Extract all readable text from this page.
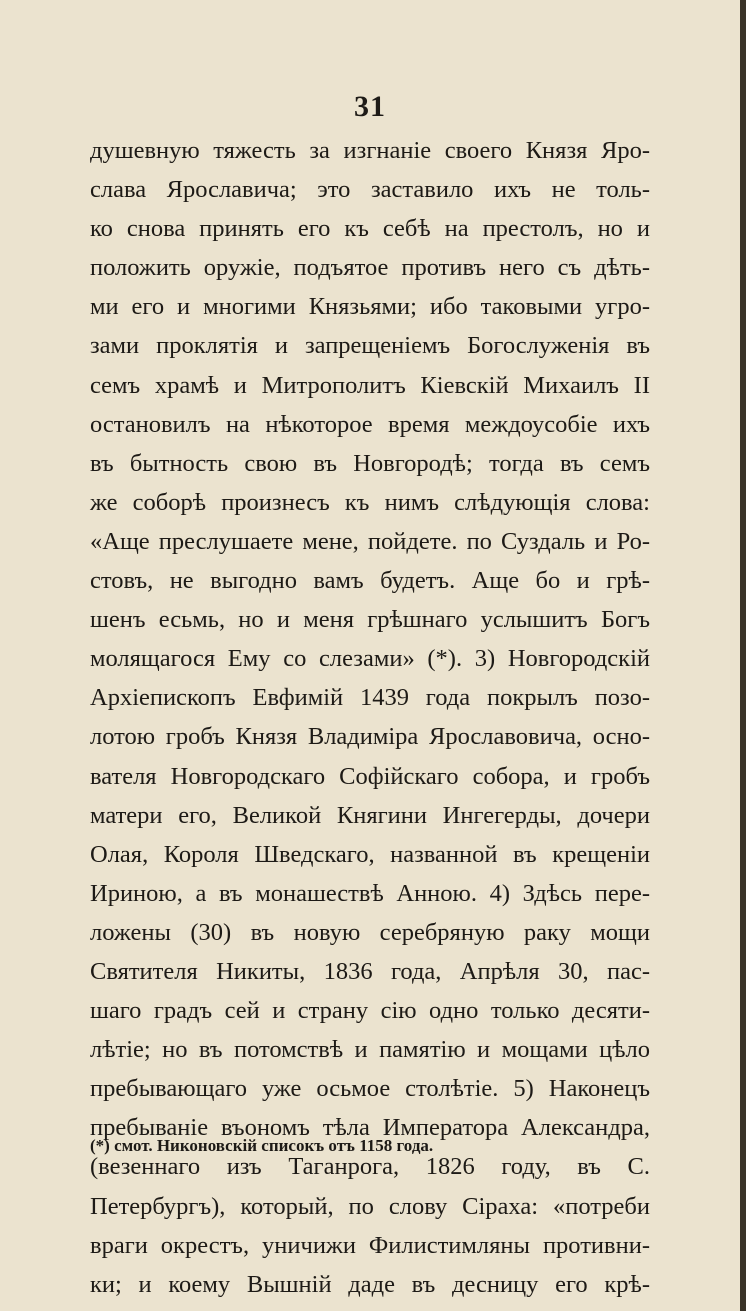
31
душевную тяжесть за изгнаніе своего Князя Яро-
слава Ярославича; это заставило ихъ не толь-
ко снова принять его къ себѣ на престолъ, но и
положить оружіе, подъятое противъ него съ дѣть-
ми его и многими Князьями; ибо таковыми угро-
зами проклятія и запрещеніемъ Богослуженія въ
семъ храмѣ и Митрополитъ Кіевскій Михаилъ II
остановилъ на нѣкоторое время междоусобіе ихъ
въ бытность свою въ Новгородѣ; тогда въ семъ
же соборѣ произнесъ къ нимъ слѣдующія слова:
«Аще преслушаете мене, пойдете. по Суздаль и Ро-
стовъ, не выгодно вамъ будетъ. Аще бо и грѣ-
шенъ есьмь, но и меня грѣшнаго услышитъ Богъ
молящагося Ему со слезами» (*). 3) Новгородскій
Архіепископъ Евфимій 1439 года покрылъ позо-
лотою гробъ Князя Владиміра Ярославовича, осно-
вателя Новгородскаго Софійскаго собора, и гробъ
матери его, Великой Княгини Ингегерды, дочери
Олая, Короля Шведскаго, названной въ крещеніи
Ириною, а въ монашествѣ Анною. 4) Здѣсь пере-
ложены (30) въ новую серебряную раку мощи
Святителя Никиты, 1836 года, Апрѣля 30, пас-
шаго градъ сей и страну сію одно только десяти-
лѣтіе; но въ потомствѣ и памятію и мощами цѣло
пребывающаго уже осьмое столѣтіе. 5) Наконецъ
пребываніе въономъ тѣла Императора Александра,
(везеннаго изъ Таганрога, 1826 году, въ С.
Петербургъ), который, по слову Сіраха: «потреби
враги окрестъ, уничижи Филистимляны противни-
ки; и коему Вышній даде въ десницу его крѣ-
(*) смот. Никоновскій списокъ отъ 1158 года.
